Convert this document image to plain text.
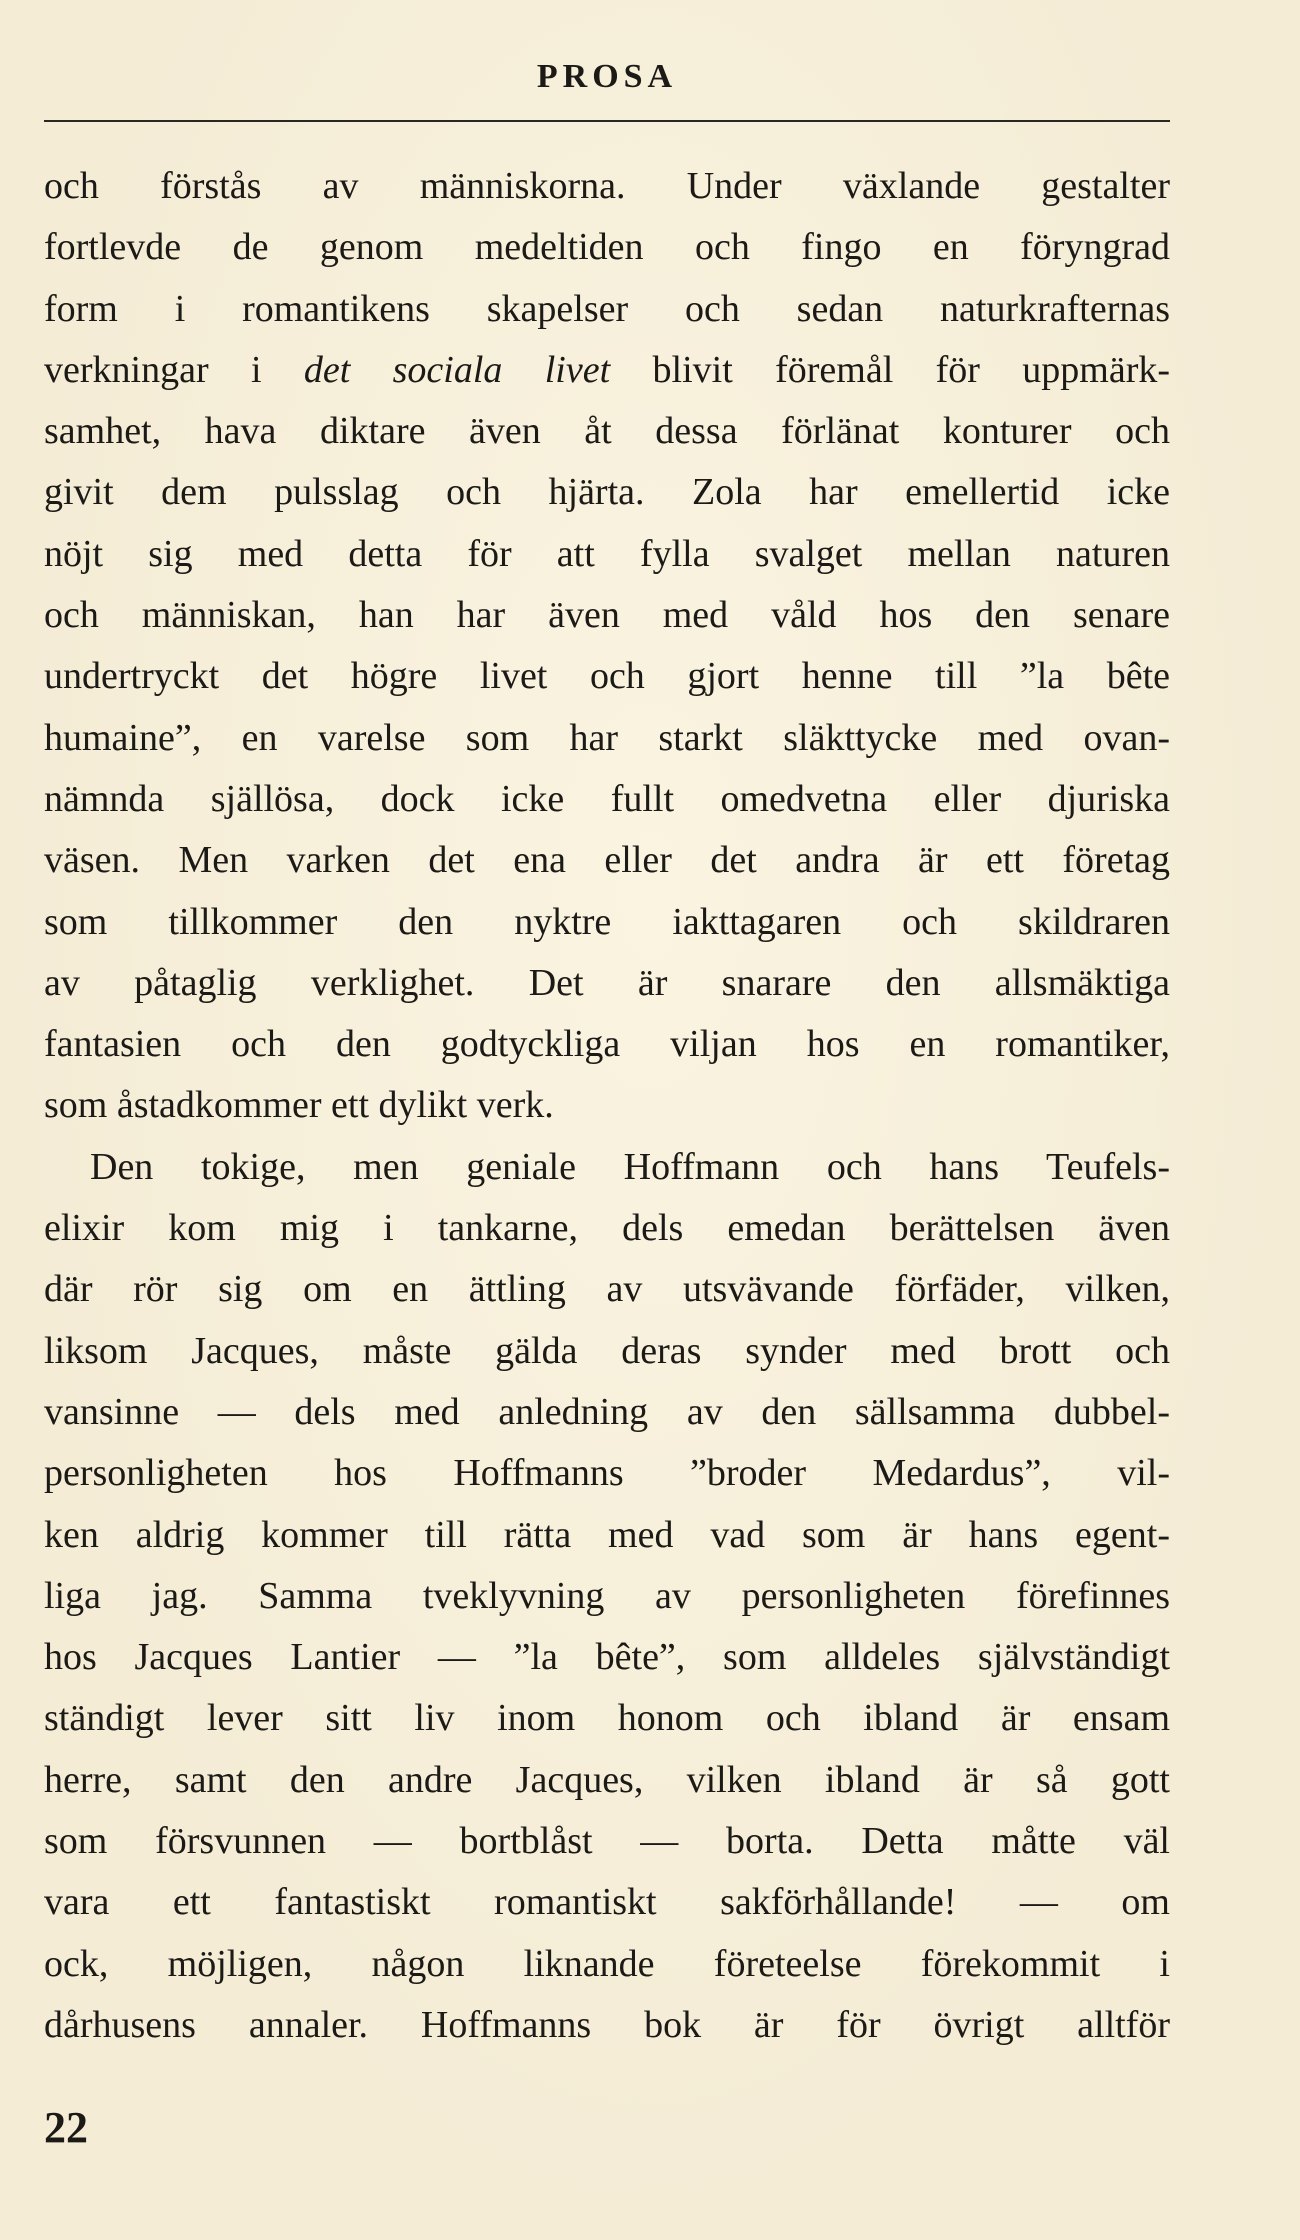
PROSA
och förstås av människorna. Under växlande gestalter
fortlevde de genom medeltiden och fingo en föryngrad
form i romantikens skapelser och sedan naturkrafternas
verkningar i det sociala livet blivit föremål för uppmärk-
samhet, hava diktare även åt dessa förlänat konturer och
givit dem pulsslag och hjärta. Zola har emellertid icke
nöjt sig med detta för att fylla svalget mellan naturen
och människan, han har även med våld hos den senare
undertryckt det högre livet och gjort henne till ”la bête
humaine”, en varelse som har starkt släkttycke med ovan-
nämnda själlösa, dock icke fullt omedvetna eller djuriska
väsen. Men varken det ena eller det andra är ett företag
som tillkommer den nyktre iakttagaren och skildraren
av påtaglig verklighet. Det är snarare den allsmäktiga
fantasien och den godtyckliga viljan hos en romantiker,
som åstadkommer ett dylikt verk.
Den tokige, men geniale Hoffmann och hans Teufels-
elixir kom mig i tankarne, dels emedan berättelsen även
där rör sig om en ättling av utsvävande förfäder, vilken,
liksom Jacques, måste gälda deras synder med brott och
vansinne — dels med anledning av den sällsamma dubbel-
personligheten hos Hoffmanns ”broder Medardus”, vil-
ken aldrig kommer till rätta med vad som är hans egent-
liga jag. Samma tveklyvning av personligheten förefinnes
hos Jacques Lantier — ”la bête”, som alldeles självständigt
ständigt lever sitt liv inom honom och ibland är ensam
herre, samt den andre Jacques, vilken ibland är så gott
som försvunnen — bortblåst — borta. Detta måtte väl
vara ett fantastiskt romantiskt sakförhållande! — om
ock, möjligen, någon liknande företeelse förekommit i
dårhusens annaler. Hoffmanns bok är för övrigt alltför
22
